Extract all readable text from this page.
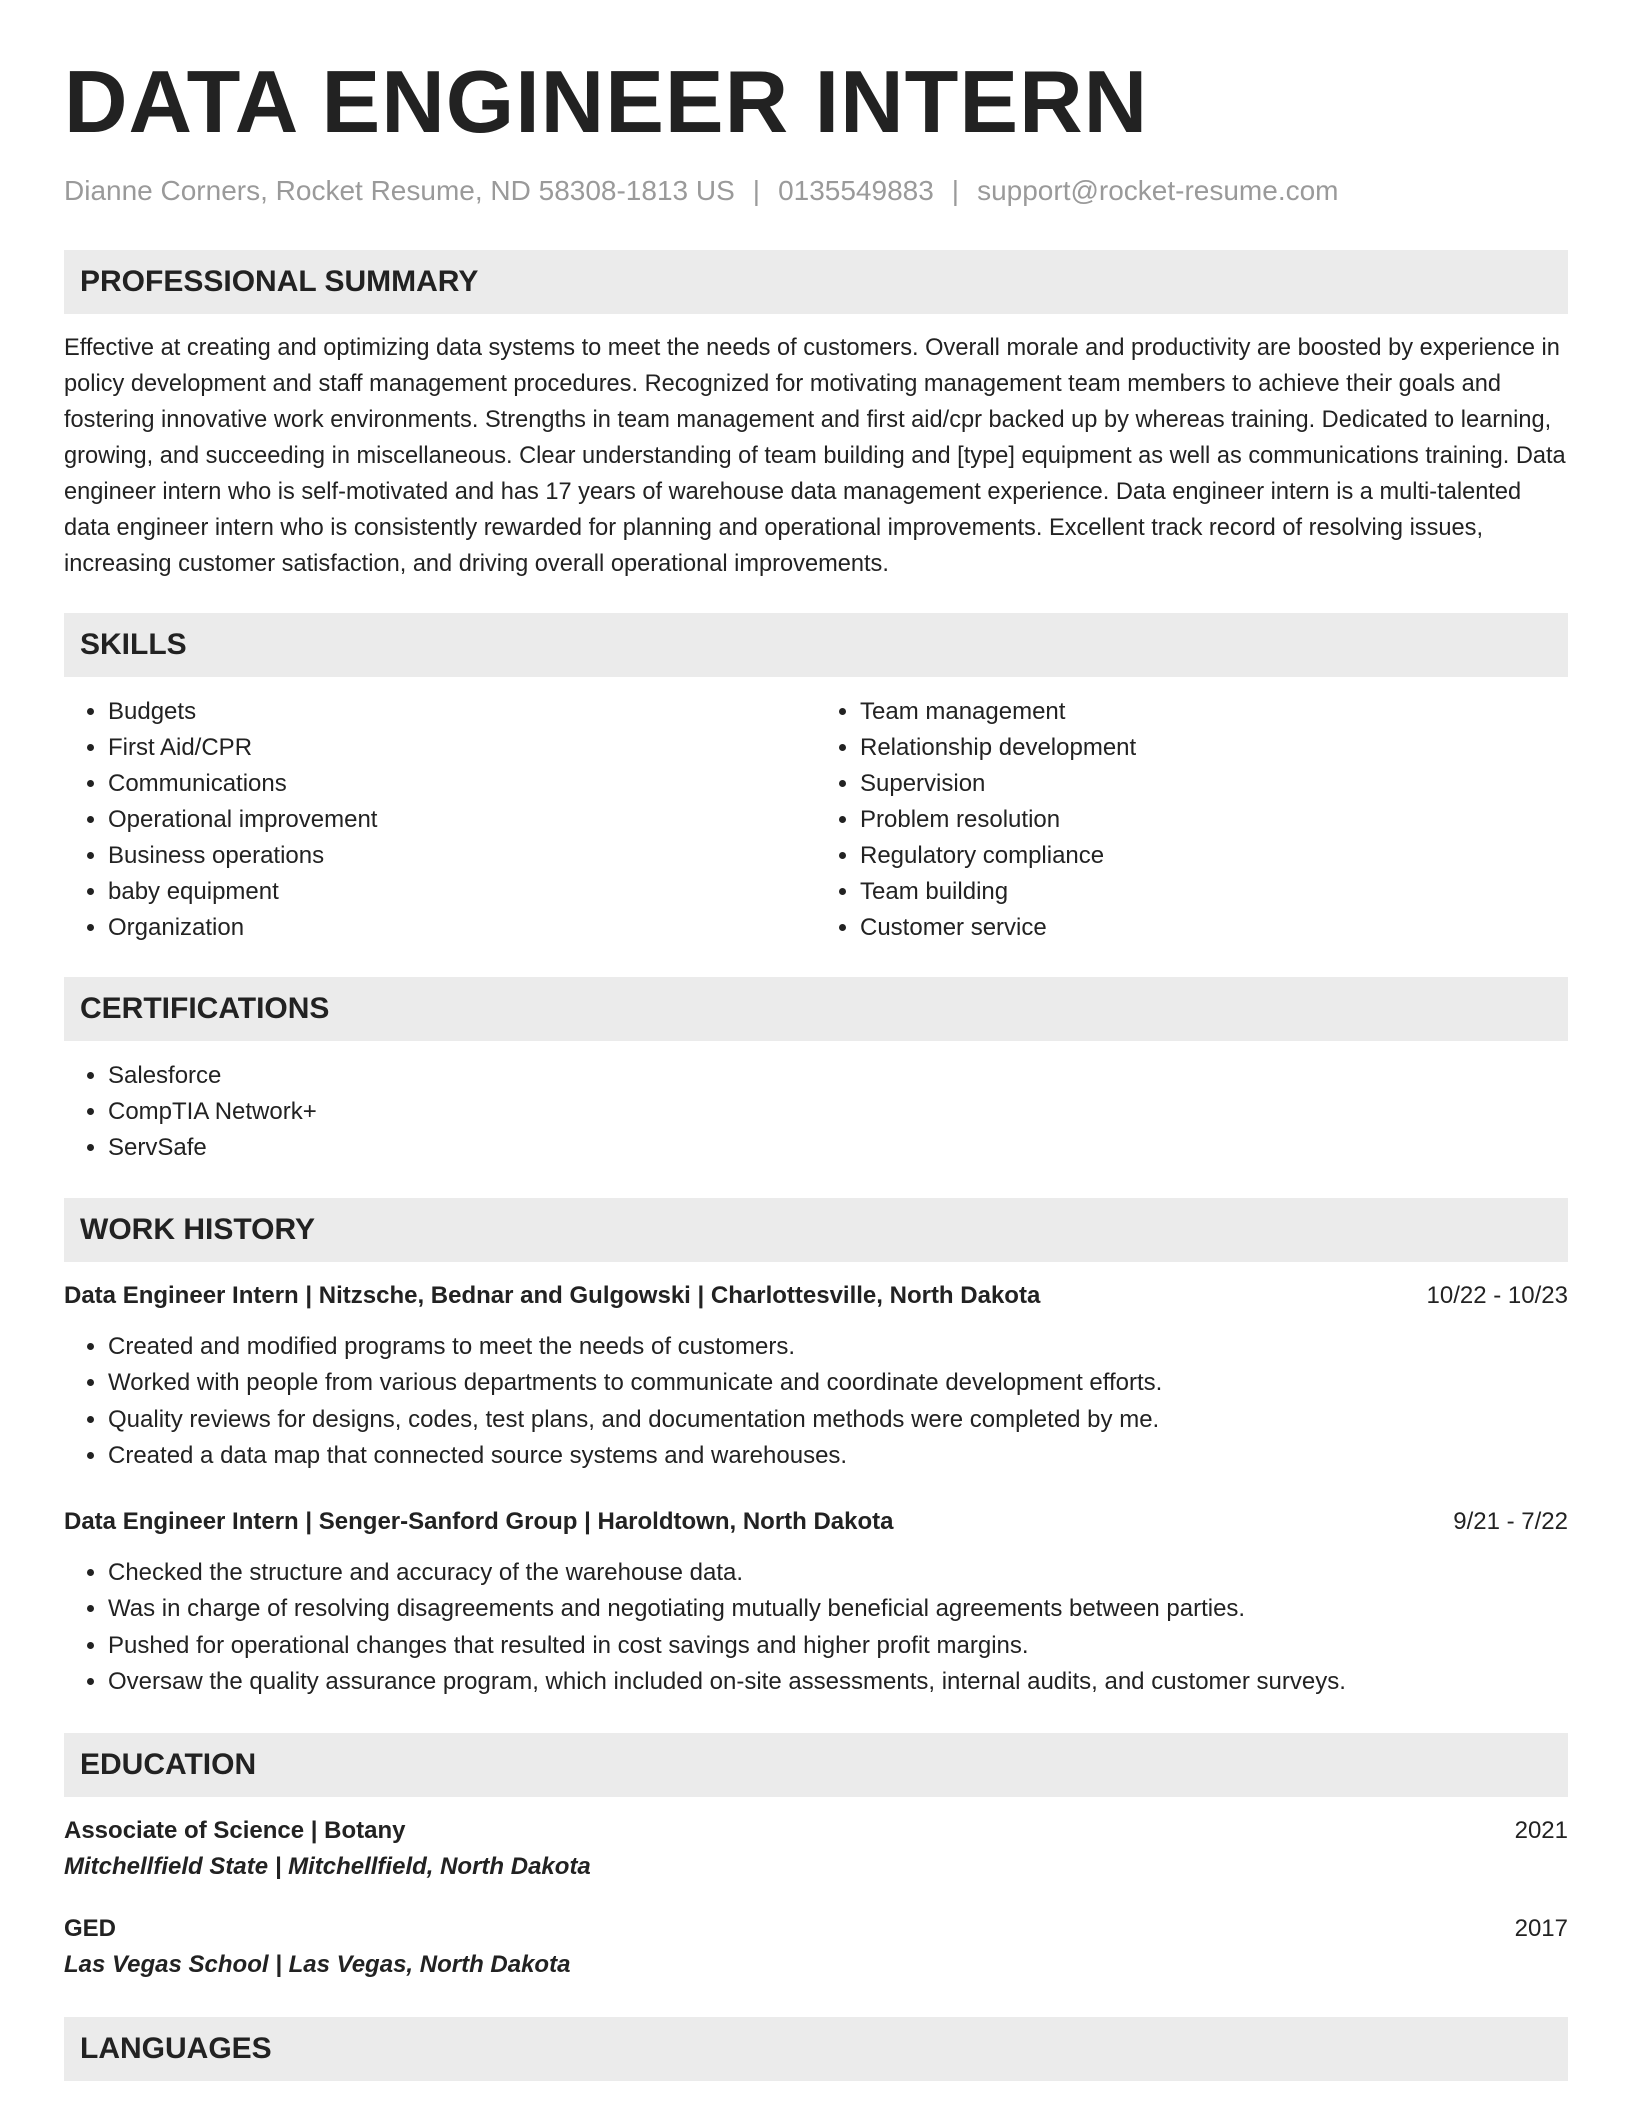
DATA ENGINEER INTERN
Dianne Corners, Rocket Resume, ND 58308-1813 US | 0135549883 | support@rocket-resume.com
PROFESSIONAL SUMMARY

Effective at creating and optimizing data systems to meet the needs of customers. Overall morale and productivity are boosted by experience in policy development and staff management procedures. Recognized for motivating management team members to achieve their goals and fostering innovative work environments. Strengths in team management and first aid/cpr backed up by whereas training. Dedicated to learning, growing, and succeeding in miscellaneous. Clear understanding of team building and [type] equipment as well as communications training. Data engineer intern who is self-motivated and has 17 years of warehouse data management experience. Data engineer intern is a multi-talented data engineer intern who is consistently rewarded for planning and operational improvements. Excellent track record of resolving issues, increasing customer satisfaction, and driving overall operational improvements.

SKILLS
• Budgets
• First Aid/CPR
• Communications
• Operational improvement
• Business operations
• baby equipment
• Organization
• Team management
• Relationship development
• Supervision
• Problem resolution
• Regulatory compliance
• Team building
• Customer service
CERTIFICATIONS
• Salesforce
• CompTIA Network+
• ServSafe
WORK HISTORY
Data Engineer Intern | Nitzsche, Bednar and Gulgowski | Charlottesville, North Dakota	10/22 - 10/23
• Created and modified programs to meet the needs of customers.
• Worked with people from various departments to communicate and coordinate development efforts.
• Quality reviews for designs, codes, test plans, and documentation methods were completed by me.
• Created a data map that connected source systems and warehouses.
Data Engineer Intern | Senger-Sanford Group | Haroldtown, North Dakota	9/21 - 7/22
• Checked the structure and accuracy of the warehouse data.
• Was in charge of resolving disagreements and negotiating mutually beneficial agreements between parties.
• Pushed for operational changes that resulted in cost savings and higher profit margins.
• Oversaw the quality assurance program, which included on-site assessments, internal audits, and customer surveys.
EDUCATION
Associate of Science | Botany	2021
Mitchellfield State | Mitchellfield, North Dakota
GED	2017
Las Vegas School | Las Vegas, North Dakota
LANGUAGES
